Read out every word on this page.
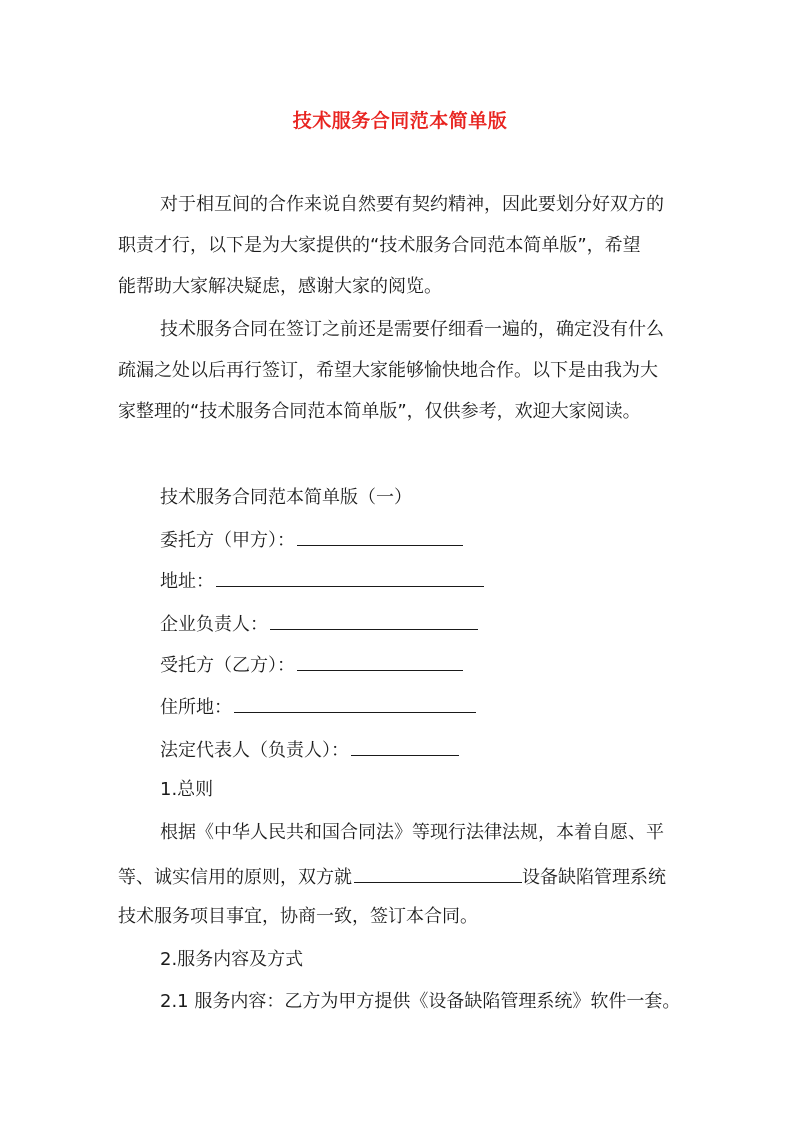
技术服务合同范本简单版
对于相互间的合作来说自然要有契约精神，因此要划分好双方的
职责才行，以下是为大家提供的“技术服务合同范本简单版”，希望
能帮助大家解决疑虑，感谢大家的阅览。
技术服务合同在签订之前还是需要仔细看一遍的，确定没有什么
疏漏之处以后再行签订，希望大家能够愉快地合作。以下是由我为大
家整理的“技术服务合同范本简单版”，仅供参考，欢迎大家阅读。
技术服务合同范本简单版（一）
委托方（甲方）：
地址：
企业负责人：
受托方（乙方）：
住所地：
法定代表人（负责人）：
1.总则
根据《中华人民共和国合同法》等现行法律法规，本着自愿、平
等、诚实信用的原则，双方就	设备缺陷管理系统
技术服务项目事宜，协商一致，签订本合同。
2.服务内容及方式
2.1 服务内容：乙方为甲方提供《设备缺陷管理系统》软件一套。
